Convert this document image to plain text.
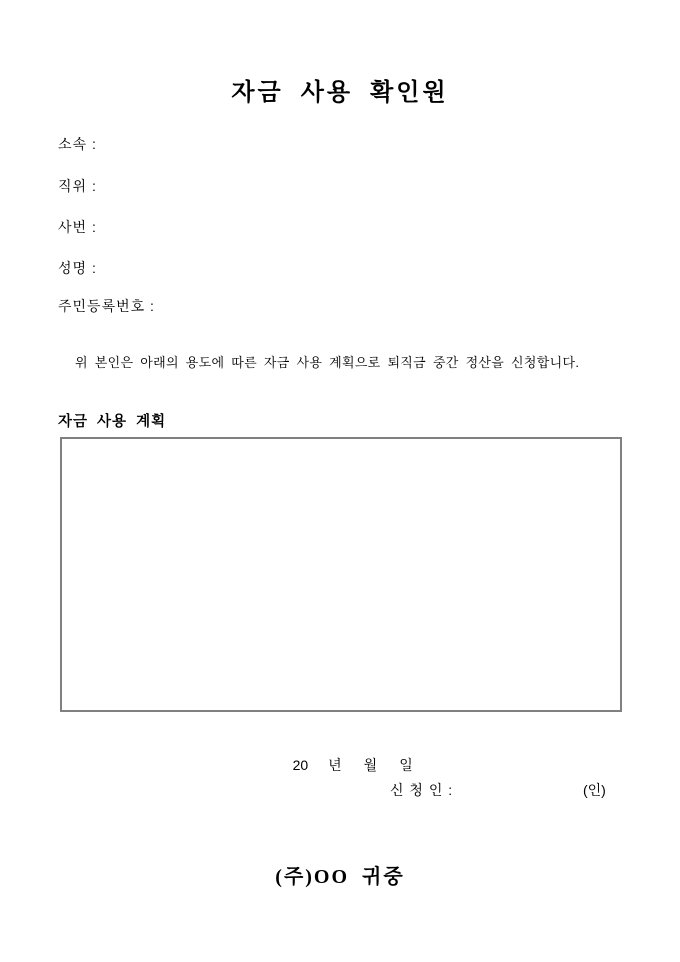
자금 사용 확인원
소속 :
직위 :
사번 :
성명 :
주민등록번호 :
위 본인은 아래의 용도에 따른 자금 사용 계획으로 퇴직금 중간 정산을 신청합니다.
자금 사용 계획

20 년 월 일

신 청 인 :	(인)
(주)OO 귀중
